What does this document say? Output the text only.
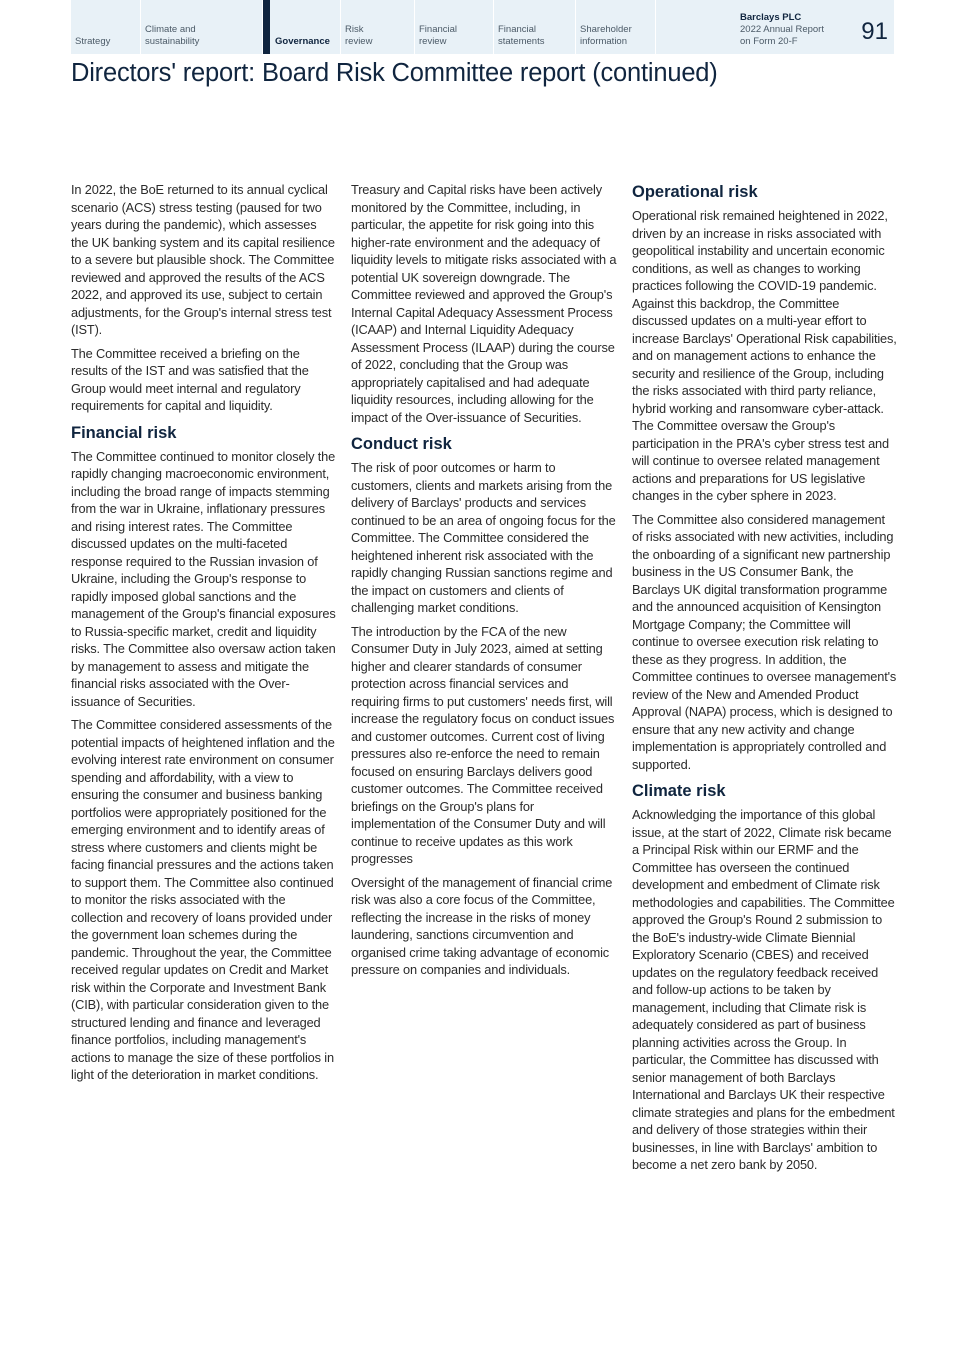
Strategy
Climate and
sustainability	Governance
Risk
review
Financial
review
Financial
statements
Shareholder
information
Barclays PLC
2022 Annual Report
on Form 20-F	91
Directors' report: Board Risk Committee report (continued)

In 2022, the BoE returned to its annual cyclical scenario (ACS) stress testing (paused for two years during the pandemic), which assesses the UK banking system and its capital resilience to a severe but plausible shock. The Committee reviewed and approved the results of the ACS 2022, and approved its use, subject to certain adjustments, for the Group's internal stress test (IST).

The Committee received a briefing on the results of the IST and was satisfied that the Group would meet internal and regulatory requirements for capital and liquidity.

Financial risk

The Committee continued to monitor closely the rapidly changing macroeconomic environment, including the broad range of impacts stemming from the war in Ukraine, inflationary pressures and rising interest rates. The Committee discussed updates on the multi-faceted response required to the Russian invasion of Ukraine, including the Group's response to rapidly imposed global sanctions and the management of the Group's financial exposures to Russia-specific market, credit and liquidity risks. The Committee also oversaw action taken by management to assess and mitigate the financial risks associated with the Over-issuance of Securities.

The Committee considered assessments of the potential impacts of heightened inflation and the evolving interest rate environment on consumer spending and affordability, with a view to ensuring the consumer and business banking portfolios were appropriately positioned for the emerging environment and to identify areas of stress where customers and clients might be facing financial pressures and the actions taken to support them. The Committee also continued to monitor the risks associated with the collection and recovery of loans provided under the government loan schemes during the pandemic. Throughout the year, the Committee received regular updates on Credit and Market risk within the Corporate and Investment Bank (CIB), with particular consideration given to the structured lending and finance and leveraged finance portfolios, including management's actions to manage the size of these portfolios in light of the deterioration in market conditions.

Treasury and Capital risks have been actively monitored by the Committee, including, in particular, the appetite for risk going into this higher-rate environment and the adequacy of liquidity levels to mitigate risks associated with a potential UK sovereign downgrade. The Committee reviewed and approved the Group's Internal Capital Adequacy Assessment Process (ICAAP) and Internal Liquidity Adequacy Assessment Process (ILAAP) during the course of 2022, concluding that the Group was appropriately capitalised and had adequate liquidity resources, including allowing for the impact of the Over-issuance of Securities.

Conduct risk

The risk of poor outcomes or harm to customers, clients and markets arising from the delivery of Barclays' products and services continued to be an area of ongoing focus for the Committee. The Committee considered the heightened inherent risk associated with the rapidly changing Russian sanctions regime and the impact on customers and clients of challenging market conditions.

The introduction by the FCA of the new Consumer Duty in July 2023, aimed at setting higher and clearer standards of consumer protection across financial services and requiring firms to put customers' needs first, will increase the regulatory focus on conduct issues and customer outcomes. Current cost of living pressures also re-enforce the need to remain focused on ensuring Barclays delivers good customer outcomes. The Committee received briefings on the Group's plans for implementation of the Consumer Duty and will continue to receive updates as this work progresses

Oversight of the management of financial crime risk was also a core focus of the Committee, reflecting the increase in the risks of money laundering, sanctions circumvention and organised crime taking advantage of economic pressure on companies and individuals.

Operational risk

Operational risk remained heightened in 2022, driven by an increase in risks associated with geopolitical instability and uncertain economic conditions, as well as changes to working practices following the COVID-19 pandemic. Against this backdrop, the Committee discussed updates on a multi-year effort to increase Barclays' Operational Risk capabilities, and on management actions to enhance the security and resilience of the Group, including the risks associated with third party reliance, hybrid working and ransomware cyber-attack. The Committee oversaw the Group's participation in the PRA's cyber stress test and will continue to oversee related management actions and preparations for US legislative changes in the cyber sphere in 2023.

The Committee also considered management of risks associated with new activities, including the onboarding of a significant new partnership business in the US Consumer Bank, the Barclays UK digital transformation programme and the announced acquisition of Kensington Mortgage Company; the Committee will continue to oversee execution risk relating to these as they progress. In addition, the Committee continues to oversee management's review of the New and Amended Product Approval (NAPA) process, which is designed to ensure that any new activity and change implementation is appropriately controlled and supported.

Climate risk

Acknowledging the importance of this global issue, at the start of 2022, Climate risk became a Principal Risk within our ERMF and the Committee has overseen the continued development and embedment of Climate risk methodologies and capabilities. The Committee approved the Group's Round 2 submission to the BoE's industry-wide Climate Biennial Exploratory Scenario (CBES) and received updates on the regulatory feedback received and follow-up actions to be taken by management, including that Climate risk is adequately considered as part of business planning activities across the Group. In particular, the Committee has discussed with senior management of both Barclays International and Barclays UK their respective climate strategies and plans for the embedment and delivery of those strategies within their businesses, in line with Barclays' ambition to become a net zero bank by 2050.
